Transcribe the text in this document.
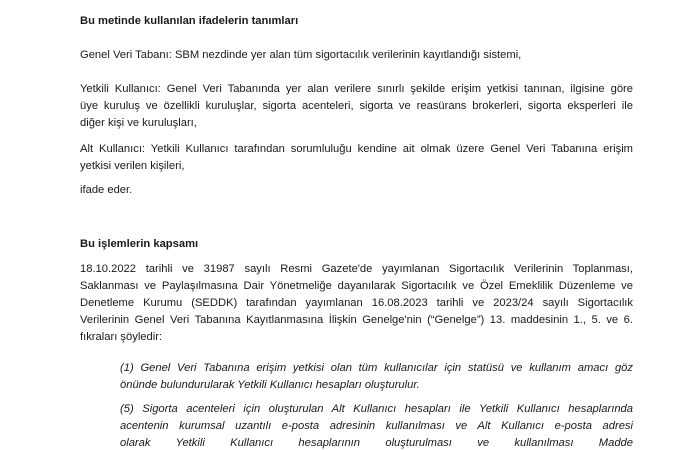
Bu metinde kullanılan ifadelerin tanımları
Genel Veri Tabanı: SBM nezdinde yer alan tüm sigortacılık verilerinin kayıtlandığı sistemi,
Yetkili Kullanıcı: Genel Veri Tabanında yer alan verilere sınırlı şekilde erişim yetkisi tanınan, ilgisine göre
üye kuruluş ve özellikli kuruluşlar, sigorta acenteleri, sigorta ve reasürans brokerleri, sigorta eksperleri ile
diğer kişi ve kuruluşları,
Alt Kullanıcı: Yetkili Kullanıcı tarafından sorumluluğu kendine ait olmak üzere Genel Veri Tabanına erişim
yetkisi verilen kişileri,
ifade eder.
Bu işlemlerin kapsamı
18.10.2022 tarihli ve 31987 sayılı Resmi Gazete'de yayımlanan Sigortacılık Verilerinin Toplanması,
Saklanması ve Paylaşılmasına Dair Yönetmeliğe dayanılarak Sigortacılık ve Özel Emeklilik Düzenleme ve
Denetleme Kurumu (SEDDK) tarafından yayımlanan 16.08.2023 tarihli ve 2023/24 sayılı Sigortacılık
Verilerinin Genel Veri Tabanına Kayıtlanmasına İlişkin Genelge'nin (“Genelge”) 13. maddesinin 1., 5. ve 6.
fıkraları şöyledir:
(1) Genel Veri Tabanına erişim yetkisi olan tüm kullanıcılar için statüsü ve kullanım amacı göz
önünde bulundurularak Yetkili Kullanıcı hesapları oluşturulur.
(5) Sigorta acenteleri için oluşturulan Alt Kullanıcı hesapları ile Yetkili Kullanıcı hesaplarında
acentenin kurumsal uzantılı e-posta adresinin kullanılması ve Alt Kullanıcı e-posta adresi
olarak Yetkili Kullanıcı hesaplarının oluşturulması ve kullanılması Madde
